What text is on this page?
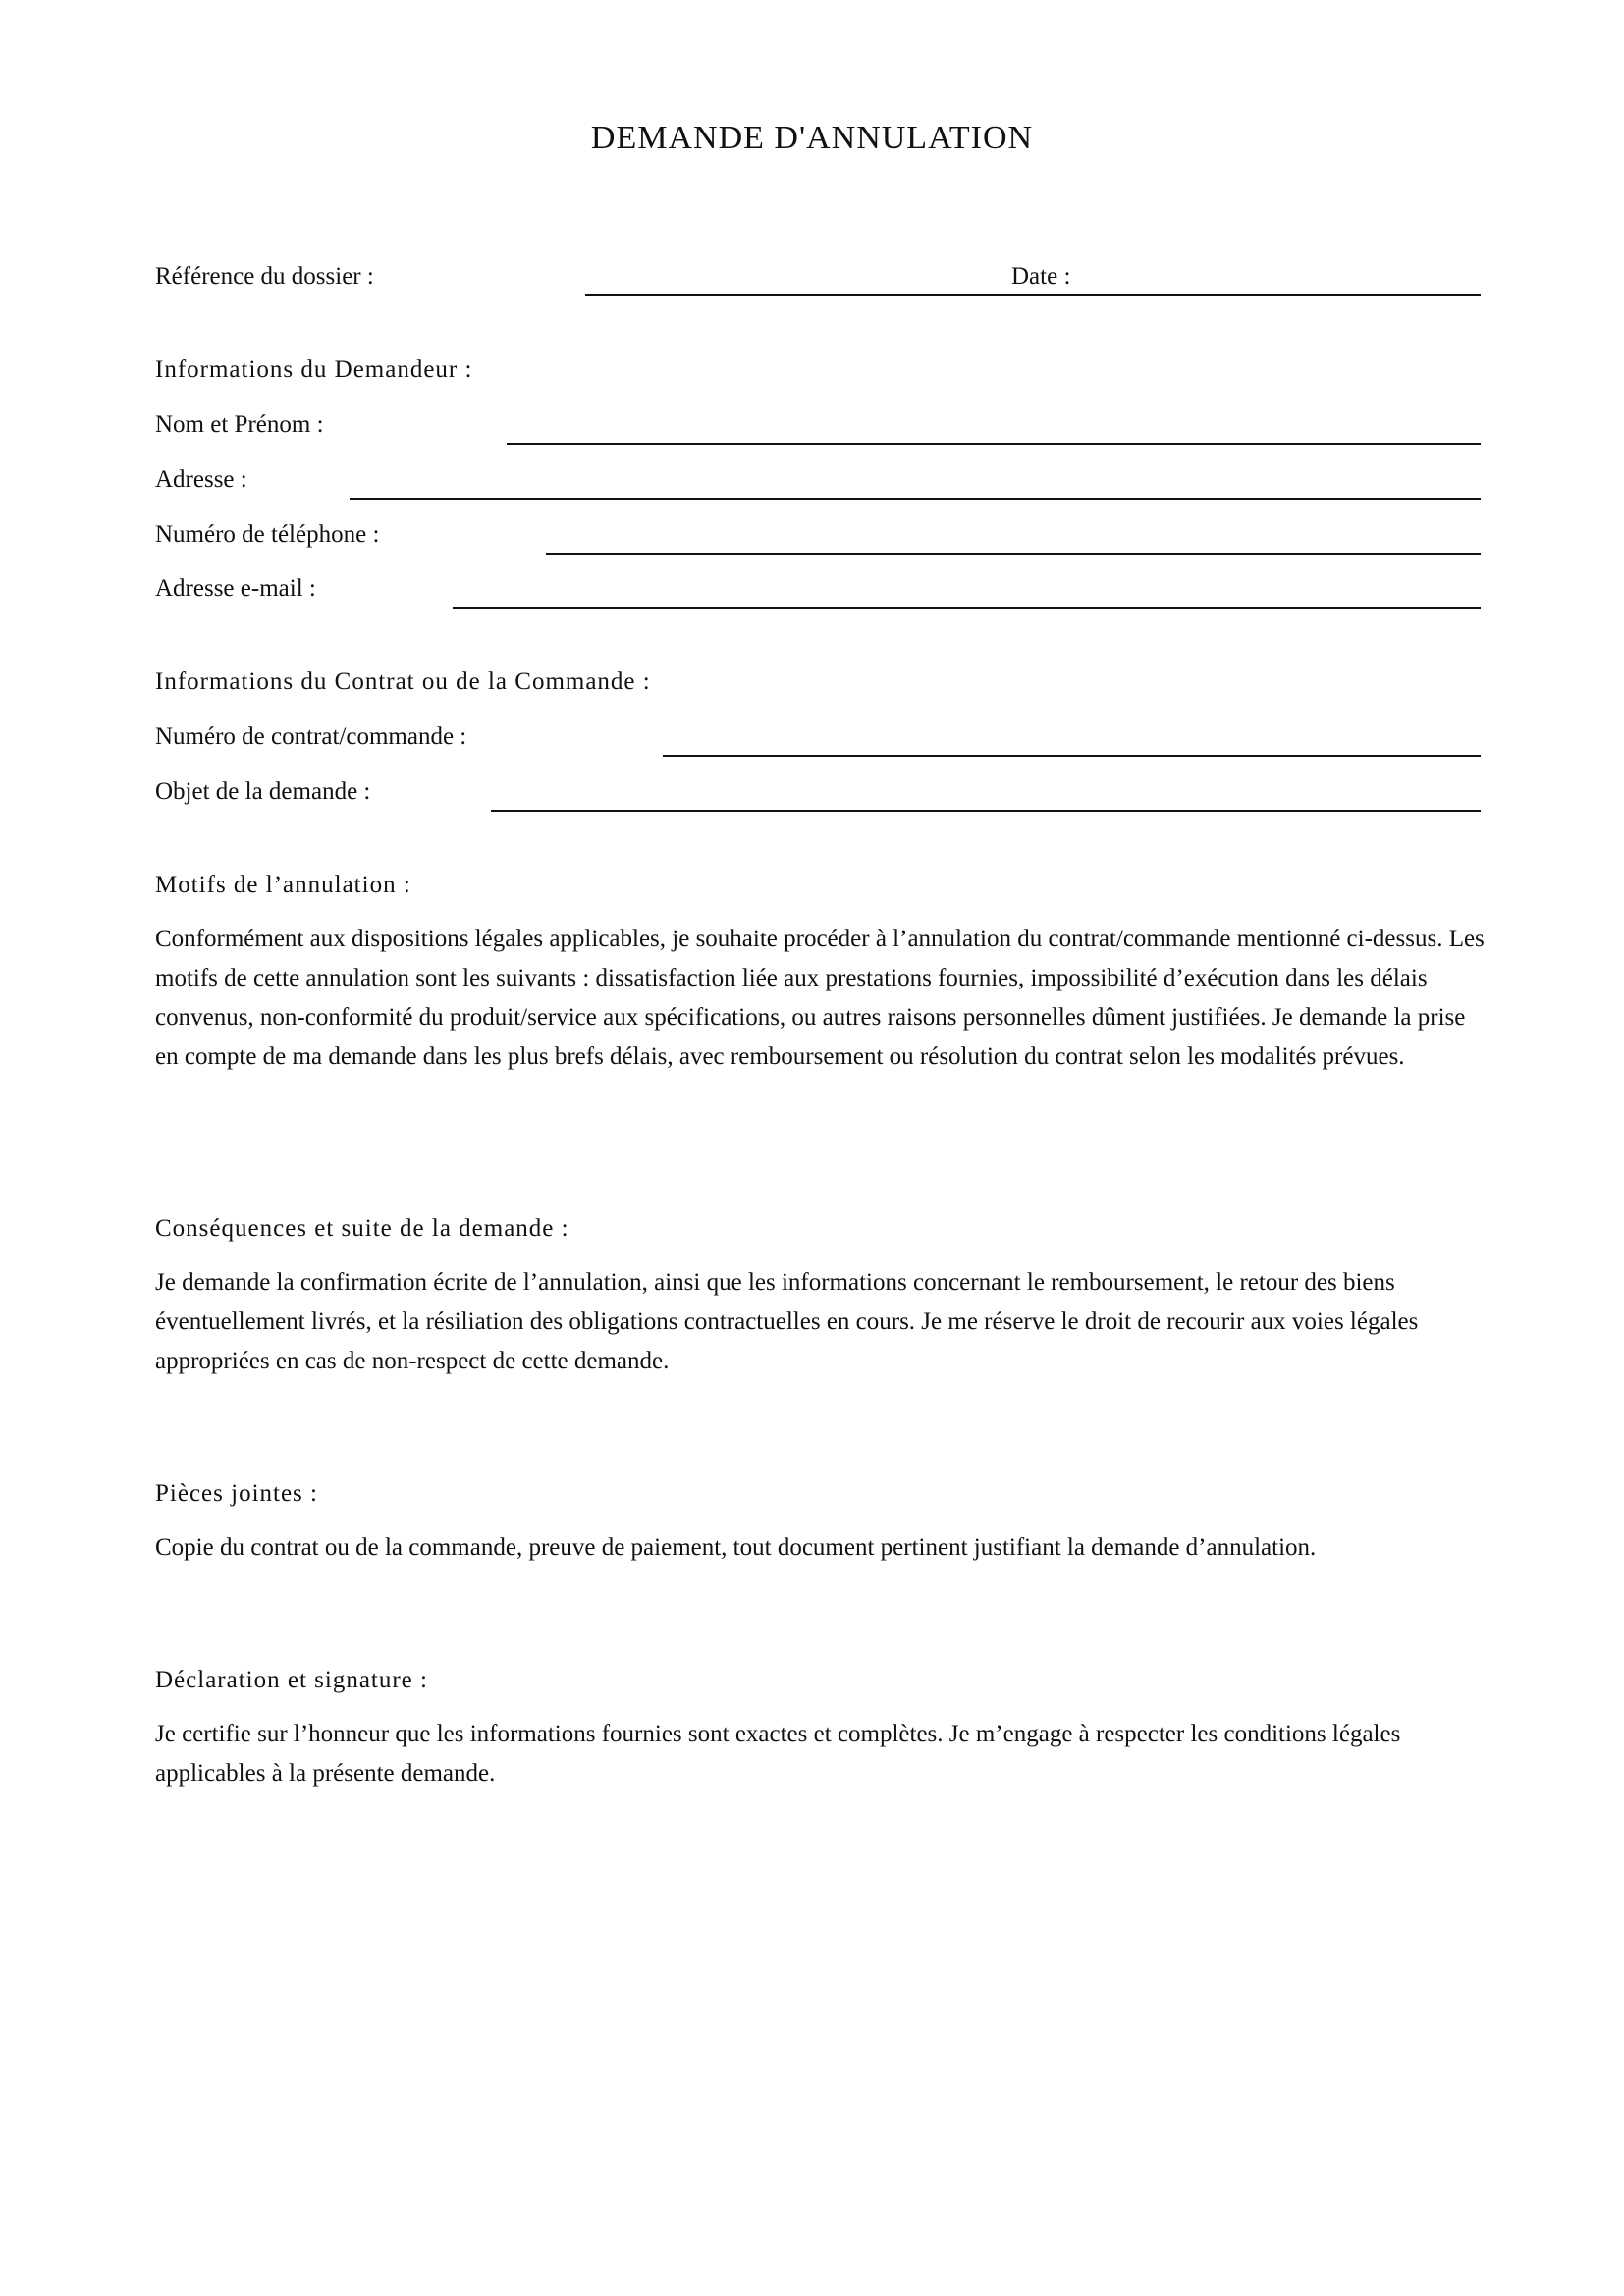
DEMANDE D'ANNULATION
Référence du dossier :	Date :
Informations du Demandeur :
Nom et Prénom :
Adresse :
Numéro de téléphone :
Adresse e-mail :
Informations du Contrat ou de la Commande :
Numéro de contrat/commande :
Objet de la demande :
Motifs de l’annulation :

Conformément aux dispositions légales applicables, je souhaite procéder à l’annulation du contrat/commande mentionné ci-dessus. Les motifs de cette annulation sont les suivants : dissatisfaction liée aux prestations fournies, impossibilité d’exécution dans les délais convenus, non-conformité du produit/service aux spécifications, ou autres raisons personnelles dûment justifiées. Je demande la prise en compte de ma demande dans les plus brefs délais, avec remboursement ou résolution du contrat selon les modalités prévues.

Conséquences et suite de la demande :

Je demande la confirmation écrite de l’annulation, ainsi que les informations concernant le remboursement, le retour des biens éventuellement livrés, et la résiliation des obligations contractuelles en cours. Je me réserve le droit de recourir aux voies légales appropriées en cas de non-respect de cette demande.

Pièces jointes :

Copie du contrat ou de la commande, preuve de paiement, tout document pertinent justifiant la demande d’annulation.

Déclaration et signature :

Je certifie sur l’honneur que les informations fournies sont exactes et complètes. Je m’engage à respecter les conditions légales applicables à la présente demande.
